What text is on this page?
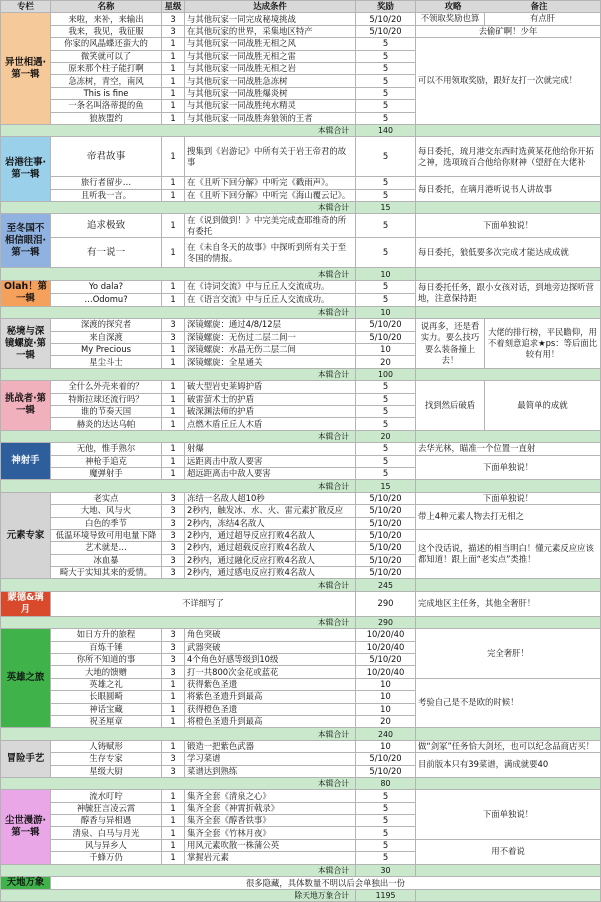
专栏	名称	星级	达成条件	奖励	攻略 备注	
异世相遇·第一辑	来啦，来补，来输出	3	与其他玩家一同完成秘境挑战	5/10/20	不领取奖励也算	有点肝
	我来，我见，我征服	3	在其他玩家的世界，采集地区特产	5/10/20	去偷矿啊！少年	
	你家的风晶蝶还蛮大的	1	与其他玩家一同战胜无相之风	5	可以不用领取奖励，跟好友打一次就完成！	
	微笑就可以了	1	与其他玩家一同战胜无相之雷	5		
	原来那个柱子能打啊	1	与其他玩家一同战胜无相之岩	5		
	急冻树，青空，南风	1	与其他玩家一同战胜急冻树	5		
	This is fine	1	与其他玩家一同战胜爆炎树	5		
	一条名叫洛蒂提的鱼	1	与其他玩家一同战胜纯水精灵	5		
	狼族盟约	1	与其他玩家一同战胜奔狼领的王者	5		
本辑合计				140		
岩港往事·第一辑	帝君故事	1	搜集到《岩游记》中所有关于岩王帝君的故事	5	每日委托，琉月港交东西时选黄某花他给你开拓之神，选项琉百合他给你财神（望舒在大佬补	
	旅行者留步…	1	在《且听下回分解》中听完《戳雨声》。	5	每日委托，在璃月港听说书人讲故事	
	且听我一言。	1	在《且听下回分解》中听完《海山覆云记》。	5		
本辑合计				15		
至冬国不相信眼泪·第一辑	追求极致	1	在《说到做到！》中完美完成查耶维奇的所有委托	5	下面单独说！	
	有一说一	1	在《未自冬天的故事》中探听到所有关于至冬国的情报。	5	每日委托，狼低要多次完成才能达成成就	
本辑合计				10		
Olah！第一辑	Yo dala?	1	在《诗词交流》中与丘丘人交流成功。	5	每日委托任务，跟小女孩对话，到地旁边探听营地，注意保持距	
	…Odomu?	1	在《语言交流》中与丘丘人交流成功。	5		
本辑合计				10		
秘境与深镜螺旋·第一辑	深渡的探究者	3	深镜螺旋：通过4/8/12层	5/10/20	说再多，还是看实力。要么技巧要么装备撞上去！	大佬的排行榜，平民瞻仰，用不着刻意追求★ps：等后面比较有用！
	来自深渡	3	深镜螺旋：无伤过二层二间一	5/10/20		
	My Precious	1	深镜螺旋：水晶无伤二层二间	10		
	星尘斗士	1	深镜螺旋：全星通关	20		
本辑合计				100		
挑战者·第一辑	全什么外壳来着的？	1	破大型岩史莱姆护盾	5	找到然后破盾	最简单的成就
	特斯拉球还流行吗？	1	破雷萤术士的护盾	5		
	谁的节奏天国	1	破深渊法师的护盾	5		
	赫炎的达达乌帕	1	点燃木盾丘丘人木盾	5		
本辑合计				20		
神射手	无他，惟手熟尔	1	射爆	5	去华光林，瞄准一个位置一直射	
	神枪手追克	1	远距离击中敌人要害	5	下面单独说！	
	魔弹射手	1	超远距离击中敌人要害	5		
本辑合计				15		
元素专家	老实点	3	冻结一名敌人超10秒	5/10/20	下面单独说！	
	大地、风与火	3	2秒内，触发冰、水、火、雷元素扩散反应	5/10/20	带上4种元素人物去打无相之	
	白色的季节	3	2秒内，冻结4名敌人	5/10/20		
	低温环境导致可用电量下降	3	2秒内，通过超导反应打败4名敌人	5/10/20	这个没话说，描述的相当明白！懂元素反应应该都知道！跟上面“老实点”类推！	
	艺术就是…	3	2秒内，通过超载反应打败4名敌人	5/10/20		
	冰血暴	3	2秒内，通过融化反应打败4名敌人	5/10/20		
	畸大于实知其来的爱情。	3	2秒内，通过感电反应打败4名敌人	5/10/20		
本辑合计				245		
蒙德&璃月	不详细写了			290	完成地区主任务，其他全奢肝！	
本辑合计				290		
英雄之旅	如日方升的旅程	3	角色突破	10/20/40	完全奢肝！	
	百炼千锤	3	武器突破	10/20/40		
	你所不知道的事	3	4个角色好感等级到10级	5/10/20		
	大地的馈赠	3	打一共800次金花或蓝花	10/20/40		
	英雄之礼	1	获得紫色圣遗	10	考验自己是不是欧的时候！	
	长眼圆畸	1	将紫色圣遗升到最高	10		
	神话宝藏	1	获得橙色圣遗	10		
	祝圣厘章	1	将橙色圣遗升到最高	20		
本辑合计				240		
冒险手艺	人铸赋形	1	锻造一把紫色武器	10	做“剑冢”任务恰大剑坯，也可以纪念品商店买！	
	生存专家	3	学习菜谱	5/10/20	目前版本只有39菜谱，满成就要40	
	星级大厨	3	菜谱达到熟练	5/10/20		
本辑合计				80		
尘世漫游·第一辑	流水叮咛	1	集齐全套《清泉之心》	5	下面单独说！	
	神毓狂言凌云霄	1	集齐全套《神霄折戟录》	5		
	醇香与异相遇	1	集齐全套《醇香铁事》	5		
	清泉、白马与月光	1	集齐全套《竹林月夜》	5		
	风与异乡人	1	用风元素吹散一株蒲公英	5	用不着说	
	千蜂万仍	1	掌握岩元素	5		
本辑合计				30		
天地万象	很多隐藏，具体数量不明以后会单独出一份					
除天地万象合计				1195		
